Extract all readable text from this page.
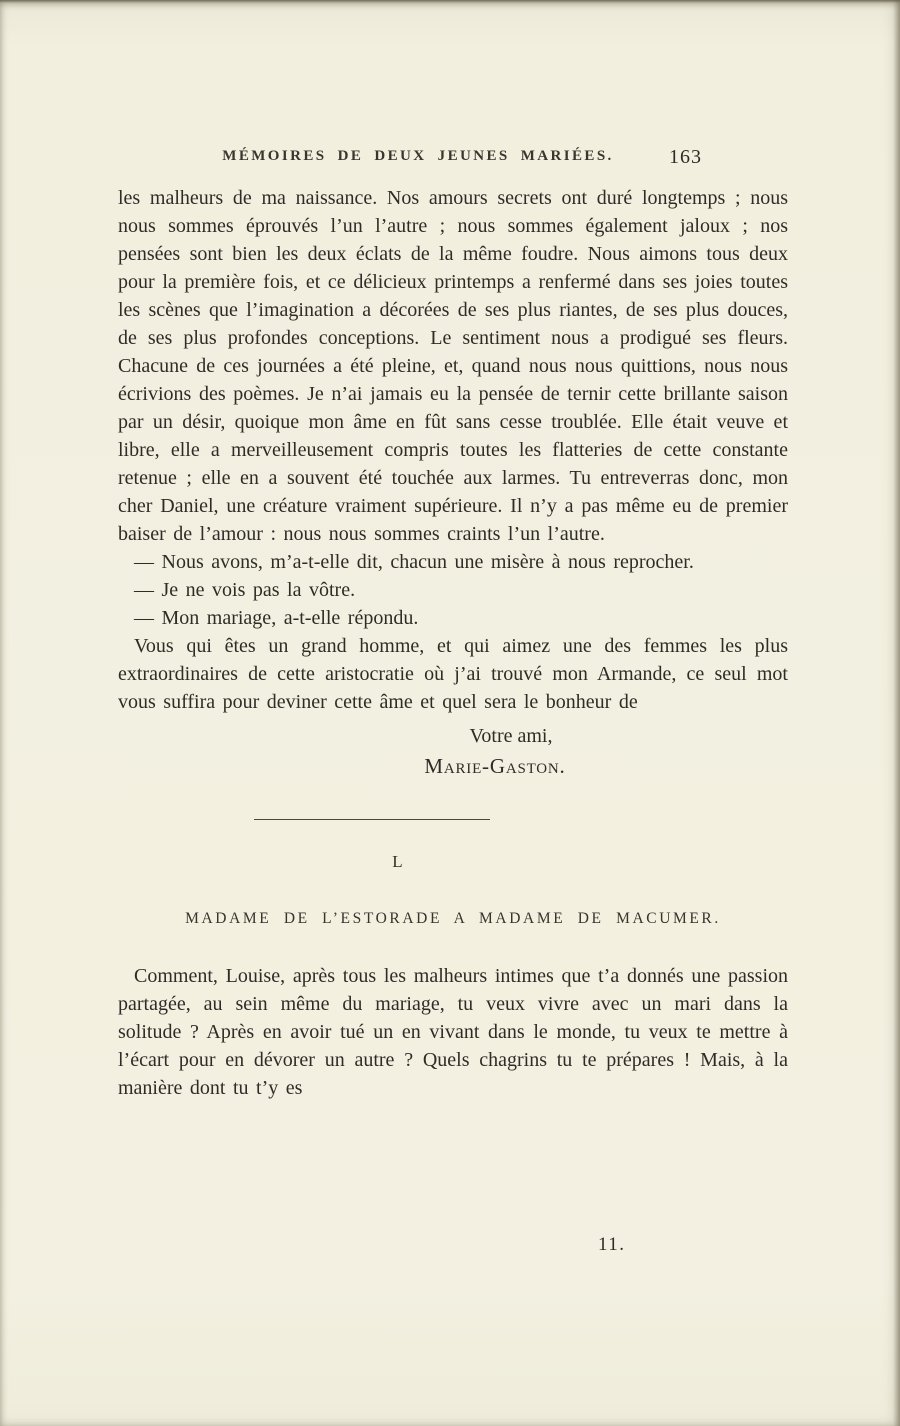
MÉMOIRES DE DEUX JEUNES MARIÉES.	163

les malheurs de ma naissance. Nos amours secrets ont duré longtemps ; nous nous sommes éprouvés l’un l’autre ; nous sommes également jaloux ; nos pensées sont bien les deux éclats de la même foudre. Nous aimons tous deux pour la première fois, et ce délicieux printemps a renfermé dans ses joies toutes les scènes que l’imagination a décorées de ses plus riantes, de ses plus douces, de ses plus profondes conceptions. Le sentiment nous a prodigué ses fleurs. Chacune de ces journées a été pleine, et, quand nous nous quittions, nous nous écrivions des poèmes. Je n’ai jamais eu la pensée de ternir cette brillante saison par un désir, quoique mon âme en fût sans cesse troublée. Elle était veuve et libre, elle a merveilleusement compris toutes les flatteries de cette constante retenue ; elle en a souvent été touchée aux larmes. Tu entreverras donc, mon cher Daniel, une créature vraiment supérieure. Il n’y a pas même eu de premier baiser de l’amour : nous nous sommes craints l’un l’autre.

— Nous avons, m’a-t-elle dit, chacun une misère à nous reprocher.

— Je ne vois pas la vôtre.

— Mon mariage, a-t-elle répondu.

Vous qui êtes un grand homme, et qui aimez une des femmes les plus extraordinaires de cette aristocratie où j’ai trouvé mon Armande, ce seul mot vous suffira pour deviner cette âme et quel sera le bonheur de

Votre ami,
Marie-Gaston.
L
MADAME DE L’ESTORADE A MADAME DE MACUMER.

Comment, Louise, après tous les malheurs intimes que t’a donnés une passion partagée, au sein même du mariage, tu veux vivre avec un mari dans la solitude ? Après en avoir tué un en vivant dans le monde, tu veux te mettre à l’écart pour en dévorer un autre ? Quels chagrins tu te prépares ! Mais, à la manière dont tu t’y es

11.
